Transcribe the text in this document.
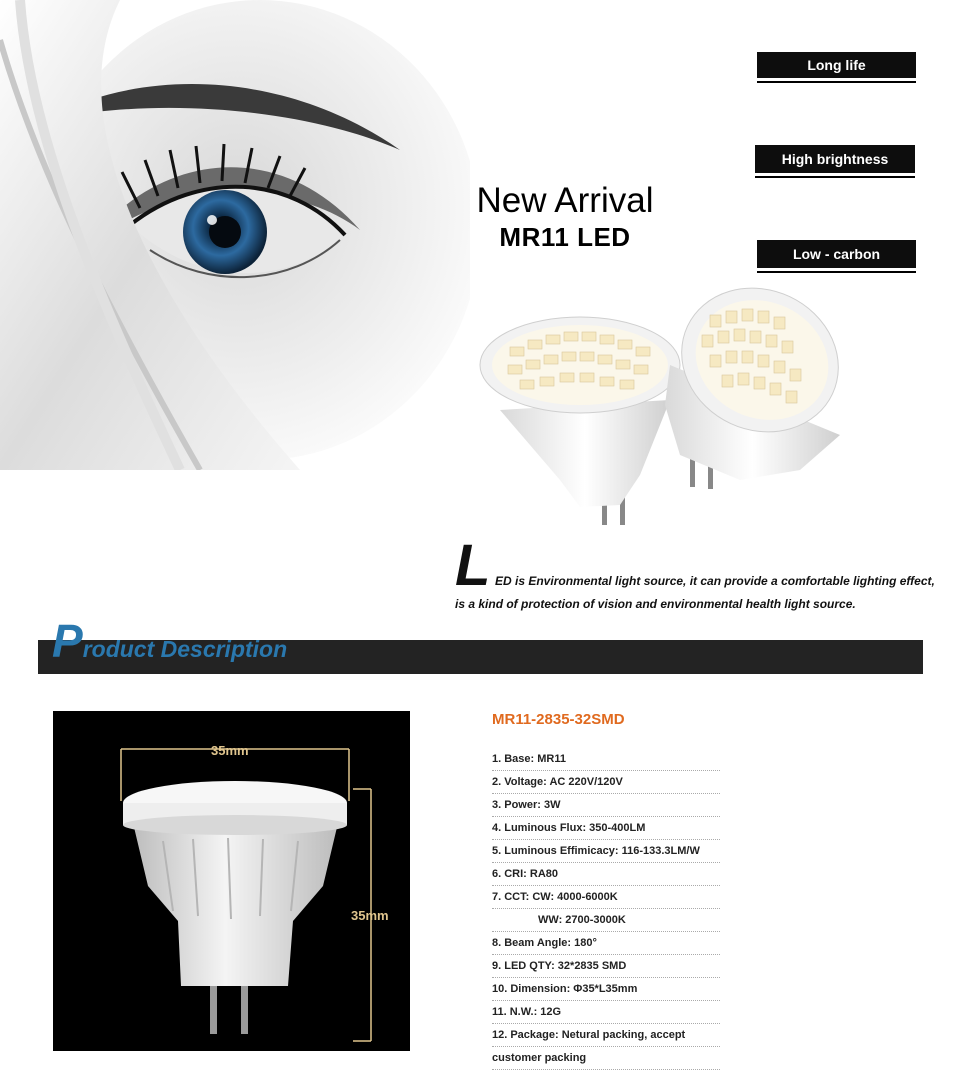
Long life
High brightness
Low - carbon
New Arrival
MR11 LED
L ED is Environmental light source, it can provide a comfortable lighting effect,
is a kind of protection of vision and environmental health light source.
Product Description
35mm
35mm
MR11-2835-32SMD
1. Base: MR11
2. Voltage: AC 220V/120V
3. Power: 3W
4. Luminous Flux: 350-400LM
5. Luminous Effimicacy: 116-133.3LM/W
6. CRI: RA80
7. CCT: CW: 4000-6000K
WW: 2700-3000K
8. Beam Angle: 180°
9. LED QTY: 32*2835 SMD
10. Dimension: Φ35*L35mm
11. N.W.: 12G
12. Package: Netural packing, accept
customer packing
